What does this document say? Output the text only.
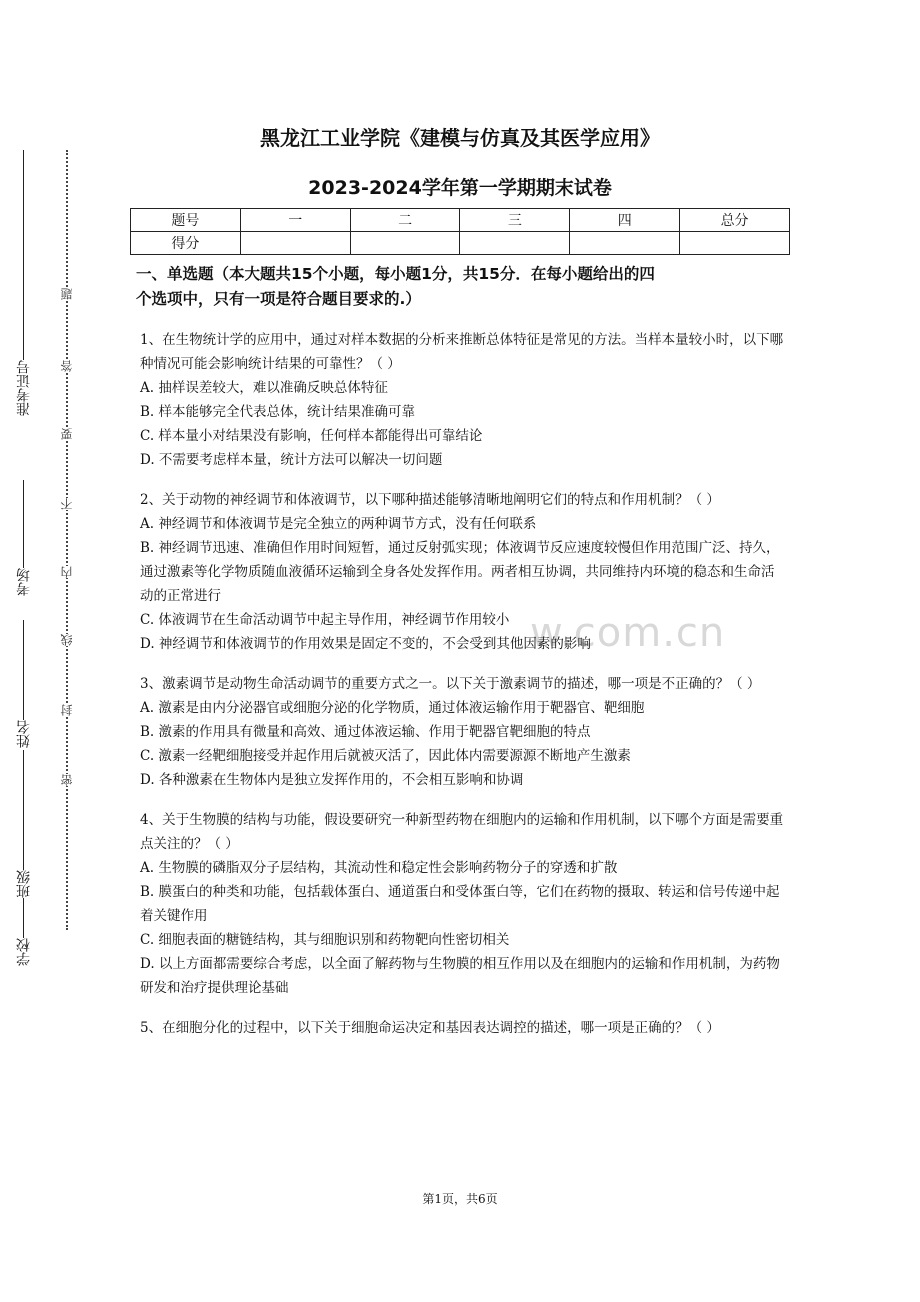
准考证号
考场
姓名
班级
学校
题
答
要
不
内
线
封
密
黑龙江工业学院《建模与仿真及其医学应用》
2023-2024学年第一学期期末试卷
题号	一	二	三	四	总分
得分					
w.com.cn
一、单选题（本大题共15个小题，每小题1分，共15分．在每小题给出的四
个选项中，只有一项是符合题目要求的.）
1、在生物统计学的应用中，通过对样本数据的分析来推断总体特征是常见的方法。当样本量较小时，以下哪种情况可能会影响统计结果的可靠性？（ ）
A. 抽样误差较大，难以准确反映总体特征
B. 样本能够完全代表总体，统计结果准确可靠
C. 样本量小对结果没有影响，任何样本都能得出可靠结论
D. 不需要考虑样本量，统计方法可以解决一切问题
2、关于动物的神经调节和体液调节，以下哪种描述能够清晰地阐明它们的特点和作用机制？（ ）
A. 神经调节和体液调节是完全独立的两种调节方式，没有任何联系
B. 神经调节迅速、准确但作用时间短暂，通过反射弧实现；体液调节反应速度较慢但作用范围广泛、持久，通过激素等化学物质随血液循环运输到全身各处发挥作用。两者相互协调，共同维持内环境的稳态和生命活动的正常进行
C. 体液调节在生命活动调节中起主导作用，神经调节作用较小
D. 神经调节和体液调节的作用效果是固定不变的，不会受到其他因素的影响
3、激素调节是动物生命活动调节的重要方式之一。以下关于激素调节的描述，哪一项是不正确的？（ ）
A. 激素是由内分泌器官或细胞分泌的化学物质，通过体液运输作用于靶器官、靶细胞
B. 激素的作用具有微量和高效、通过体液运输、作用于靶器官靶细胞的特点
C. 激素一经靶细胞接受并起作用后就被灭活了，因此体内需要源源不断地产生激素
D. 各种激素在生物体内是独立发挥作用的，不会相互影响和协调
4、关于生物膜的结构与功能，假设要研究一种新型药物在细胞内的运输和作用机制，以下哪个方面是需要重点关注的？（ ）
A. 生物膜的磷脂双分子层结构，其流动性和稳定性会影响药物分子的穿透和扩散
B. 膜蛋白的种类和功能，包括载体蛋白、通道蛋白和受体蛋白等，它们在药物的摄取、转运和信号传递中起着关键作用
C. 细胞表面的糖链结构，其与细胞识别和药物靶向性密切相关
D. 以上方面都需要综合考虑，以全面了解药物与生物膜的相互作用以及在细胞内的运输和作用机制，为药物研发和治疗提供理论基础
5、在细胞分化的过程中，以下关于细胞命运决定和基因表达调控的描述，哪一项是正确的？（ ）
第1页，共6页
